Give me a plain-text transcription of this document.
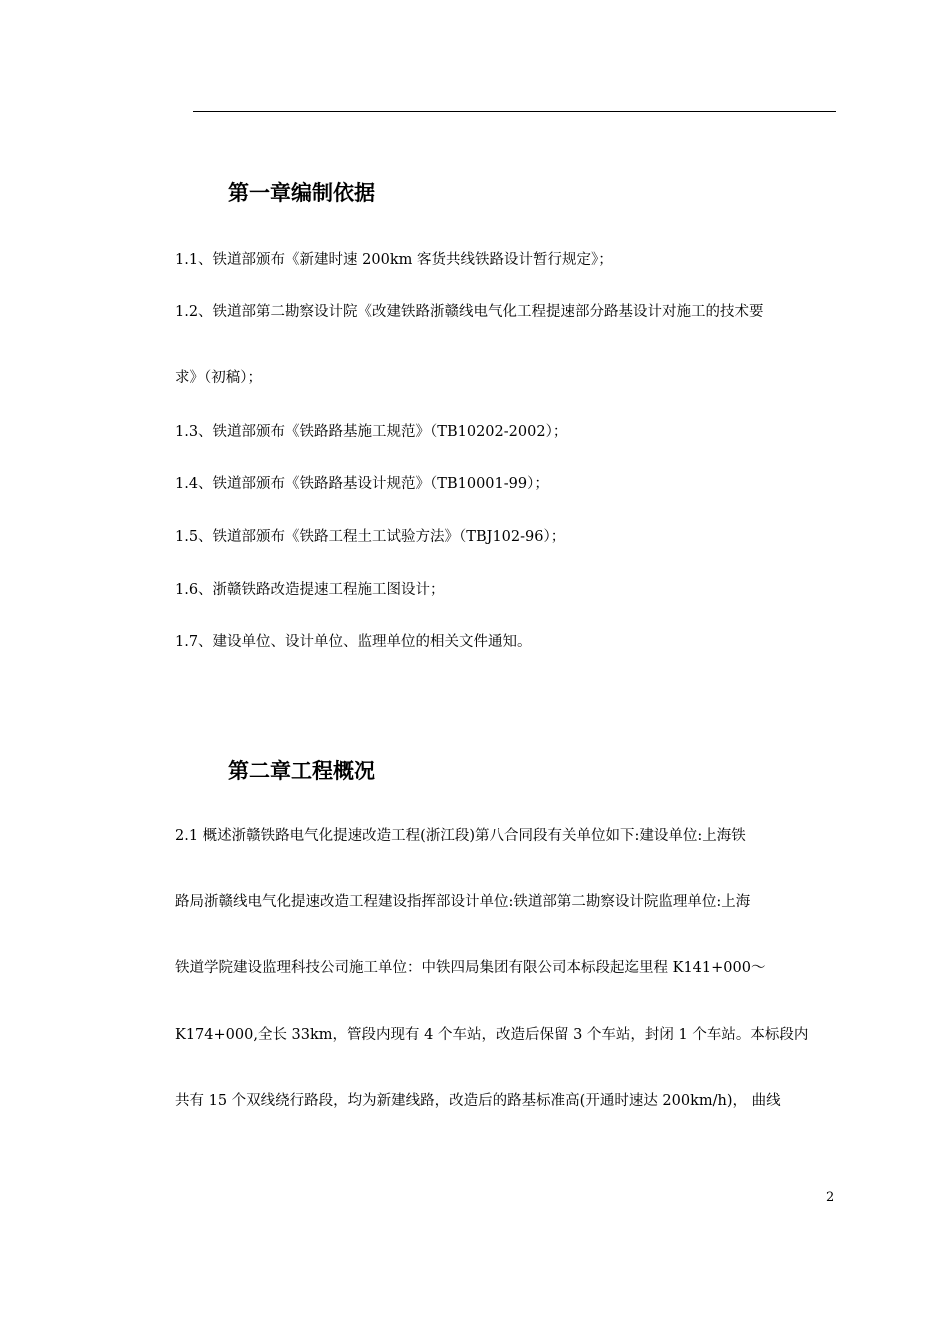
第一章编制依据

1.1、铁道部颁布《新建时速 200km 客货共线铁路设计暂行规定》；

1.2、铁道部第二勘察设计院《改建铁路浙赣线电气化工程提速部分路基设计对施工的技术要

求》（初稿）；

1.3、铁道部颁布《铁路路基施工规范》（TB10202-2002）；

1.4、铁道部颁布《铁路路基设计规范》（TB10001-99）；

1.5、铁道部颁布《铁路工程土工试验方法》（TBJ102-96）；

1.6、浙赣铁路改造提速工程施工图设计；

1.7、建设单位、设计单位、监理单位的相关文件通知。

第二章工程概况

2.1 概述浙赣铁路电气化提速改造工程(浙江段)第八合同段有关单位如下:建设单位:上海铁

路局浙赣线电气化提速改造工程建设指挥部设计单位:铁道部第二勘察设计院监理单位:上海

铁道学院建设监理科技公司施工单位：中铁四局集团有限公司本标段起迄里程 K141+000～

K174+000,全长 33km，管段内现有 4 个车站，改造后保留 3 个车站，封闭 1 个车站。本标段内

共有 15 个双线绕行路段，均为新建线路，改造后的路基标准高(开通时速达 200km/h)， 曲线

2
